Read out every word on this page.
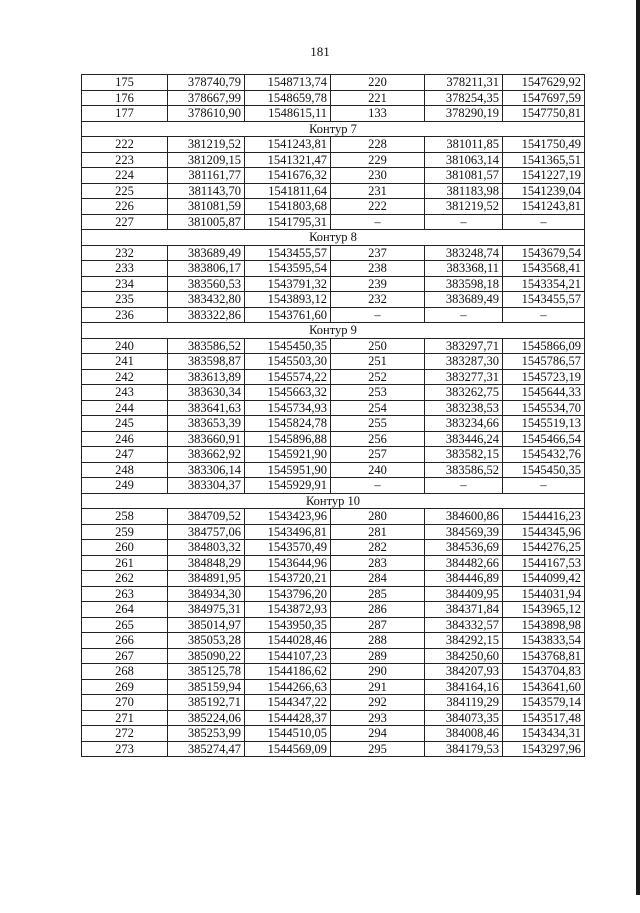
181
175	378740,79	1548713,74	220	378211,31	1547629,92
176	378667,99	1548659,78	221	378254,35	1547697,59
177	378610,90	1548615,11	133	378290,19	1547750,81
Контур 7					
222	381219,52	1541243,81	228	381011,85	1541750,49
223	381209,15	1541321,47	229	381063,14	1541365,51
224	381161,77	1541676,32	230	381081,57	1541227,19
225	381143,70	1541811,64	231	381183,98	1541239,04
226	381081,59	1541803,68	222	381219,52	1541243,81
227	381005,87	1541795,31	–	–	–
Контур 8					
232	383689,49	1543455,57	237	383248,74	1543679,54
233	383806,17	1543595,54	238	383368,11	1543568,41
234	383560,53	1543791,32	239	383598,18	1543354,21
235	383432,80	1543893,12	232	383689,49	1543455,57
236	383322,86	1543761,60	–	–	–
Контур 9					
240	383586,52	1545450,35	250	383297,71	1545866,09
241	383598,87	1545503,30	251	383287,30	1545786,57
242	383613,89	1545574,22	252	383277,31	1545723,19
243	383630,34	1545663,32	253	383262,75	1545644,33
244	383641,63	1545734,93	254	383238,53	1545534,70
245	383653,39	1545824,78	255	383234,66	1545519,13
246	383660,91	1545896,88	256	383446,24	1545466,54
247	383662,92	1545921,90	257	383582,15	1545432,76
248	383306,14	1545951,90	240	383586,52	1545450,35
249	383304,37	1545929,91	–	–	–
Контур 10					
258	384709,52	1543423,96	280	384600,86	1544416,23
259	384757,06	1543496,81	281	384569,39	1544345,96
260	384803,32	1543570,49	282	384536,69	1544276,25
261	384848,29	1543644,96	283	384482,66	1544167,53
262	384891,95	1543720,21	284	384446,89	1544099,42
263	384934,30	1543796,20	285	384409,95	1544031,94
264	384975,31	1543872,93	286	384371,84	1543965,12
265	385014,97	1543950,35	287	384332,57	1543898,98
266	385053,28	1544028,46	288	384292,15	1543833,54
267	385090,22	1544107,23	289	384250,60	1543768,81
268	385125,78	1544186,62	290	384207,93	1543704,83
269	385159,94	1544266,63	291	384164,16	1543641,60
270	385192,71	1544347,22	292	384119,29	1543579,14
271	385224,06	1544428,37	293	384073,35	1543517,48
272	385253,99	1544510,05	294	384008,46	1543434,31
273	385274,47	1544569,09	295	384179,53	1543297,96
